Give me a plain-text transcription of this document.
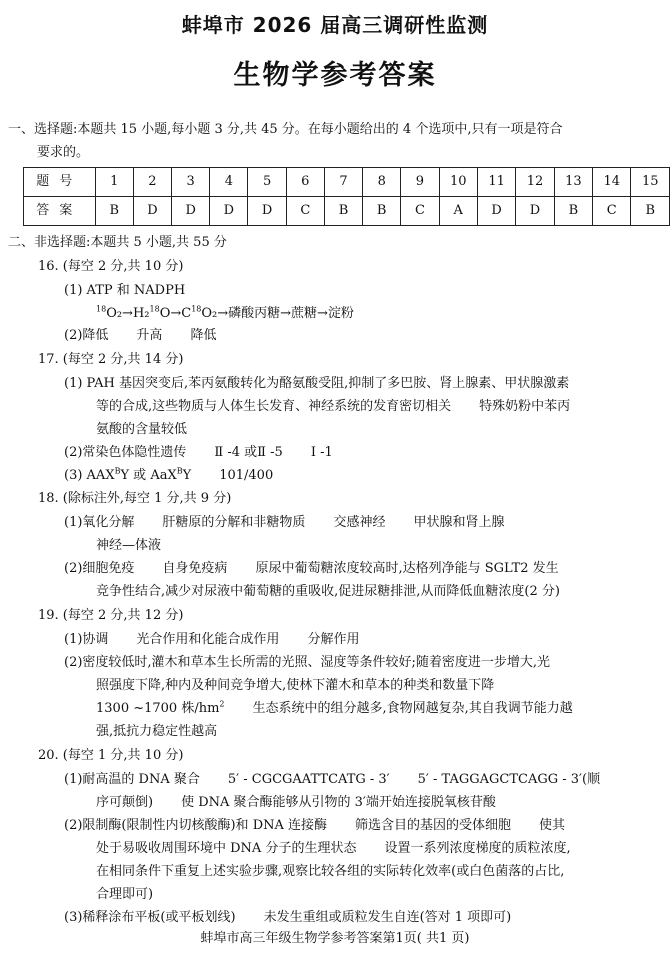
蚌埠市 2026 届高三调研性监测
生物学参考答案
一、选择题:本题共 15 小题,每小题 3 分,共 45 分。在每小题给出的 4 个选项中,只有一项是符合
要求的。
题号	1	2	3	4	5	6	7	8	9	10	11	12	13	14	15
答案	B	D	D	D	D	C	B	B	C	A	D	D	B	C	B
二、非选择题:本题共 5 小题,共 55 分
16. (每空 2 分,共 10 分)
(1) ATP 和 NADPH
$^{18}O_2\to H_2^{18}O\to C^{18}O_2\to$磷酸丙糖→蔗糖→淀粉
(2)降低 升高 降低
17. (每空 2 分,共 14 分)
(1) PAH 基因突变后,苯丙氨酸转化为酪氨酸受阻,抑制了多巴胺、肾上腺素、甲状腺激素
等的合成,这些物质与人体生长发育、神经系统的发育密切相关 特殊奶粉中苯丙
氨酸的含量较低
(2)常染色体隐性遗传 Ⅱ -4 或Ⅱ -5 Ⅰ -1
(3) $AAX^BY$ 或 AaX$^B$Y 101/400
18. (除标注外,每空 1 分,共 9 分)
(1)氧化分解 肝糖原的分解和非糖物质 交感神经 甲状腺和肾上腺
神经—体液
(2)细胞免疫 自身免疫病 原尿中葡萄糖浓度较高时,达格列净能与 SGLT2 发生
竞争性结合,减少对尿液中葡萄糖的重吸收,促进尿糖排泄,从而降低血糖浓度(2 分)
19. (每空 2 分,共 12 分)
(1)协调 光合作用和化能合成作用 分解作用
(2)密度较低时,灌木和草本生长所需的光照、湿度等条件较好;随着密度进一步增大,光
照强度下降,种内及种间竞争增大,使林下灌木和草本的种类和数量下降
1300 ~1700 株$/hm^2$ 生态系统中的组分越多,食物网越复杂,其自我调节能力越
强,抵抗力稳定性越高
20. (每空 1 分,共 10 分)
(1)耐高温的 DNA 聚合 5′ - CGCGAATTCATG - 3′ 5′ - TAGGAGCTCAGG - 3′(顺
序可颠倒) 使 DNA 聚合酶能够从引物的 3′端开始连接脱氧核苷酸
(2)限制酶(限制性内切核酸酶)和 DNA 连接酶 筛选含目的基因的受体细胞 使其
处于易吸收周围环境中 DNA 分子的生理状态 设置一系列浓度梯度的质粒浓度,
在相同条件下重复上述实验步骤,观察比较各组的实际转化效率(或白色菌落的占比,
合理即可)
(3)稀释涂布平板(或平板划线) 未发生重组或质粒发生自连(答对 1 项即可)
蚌埠市高三年级生物学参考答案第1页( 共1 页)
